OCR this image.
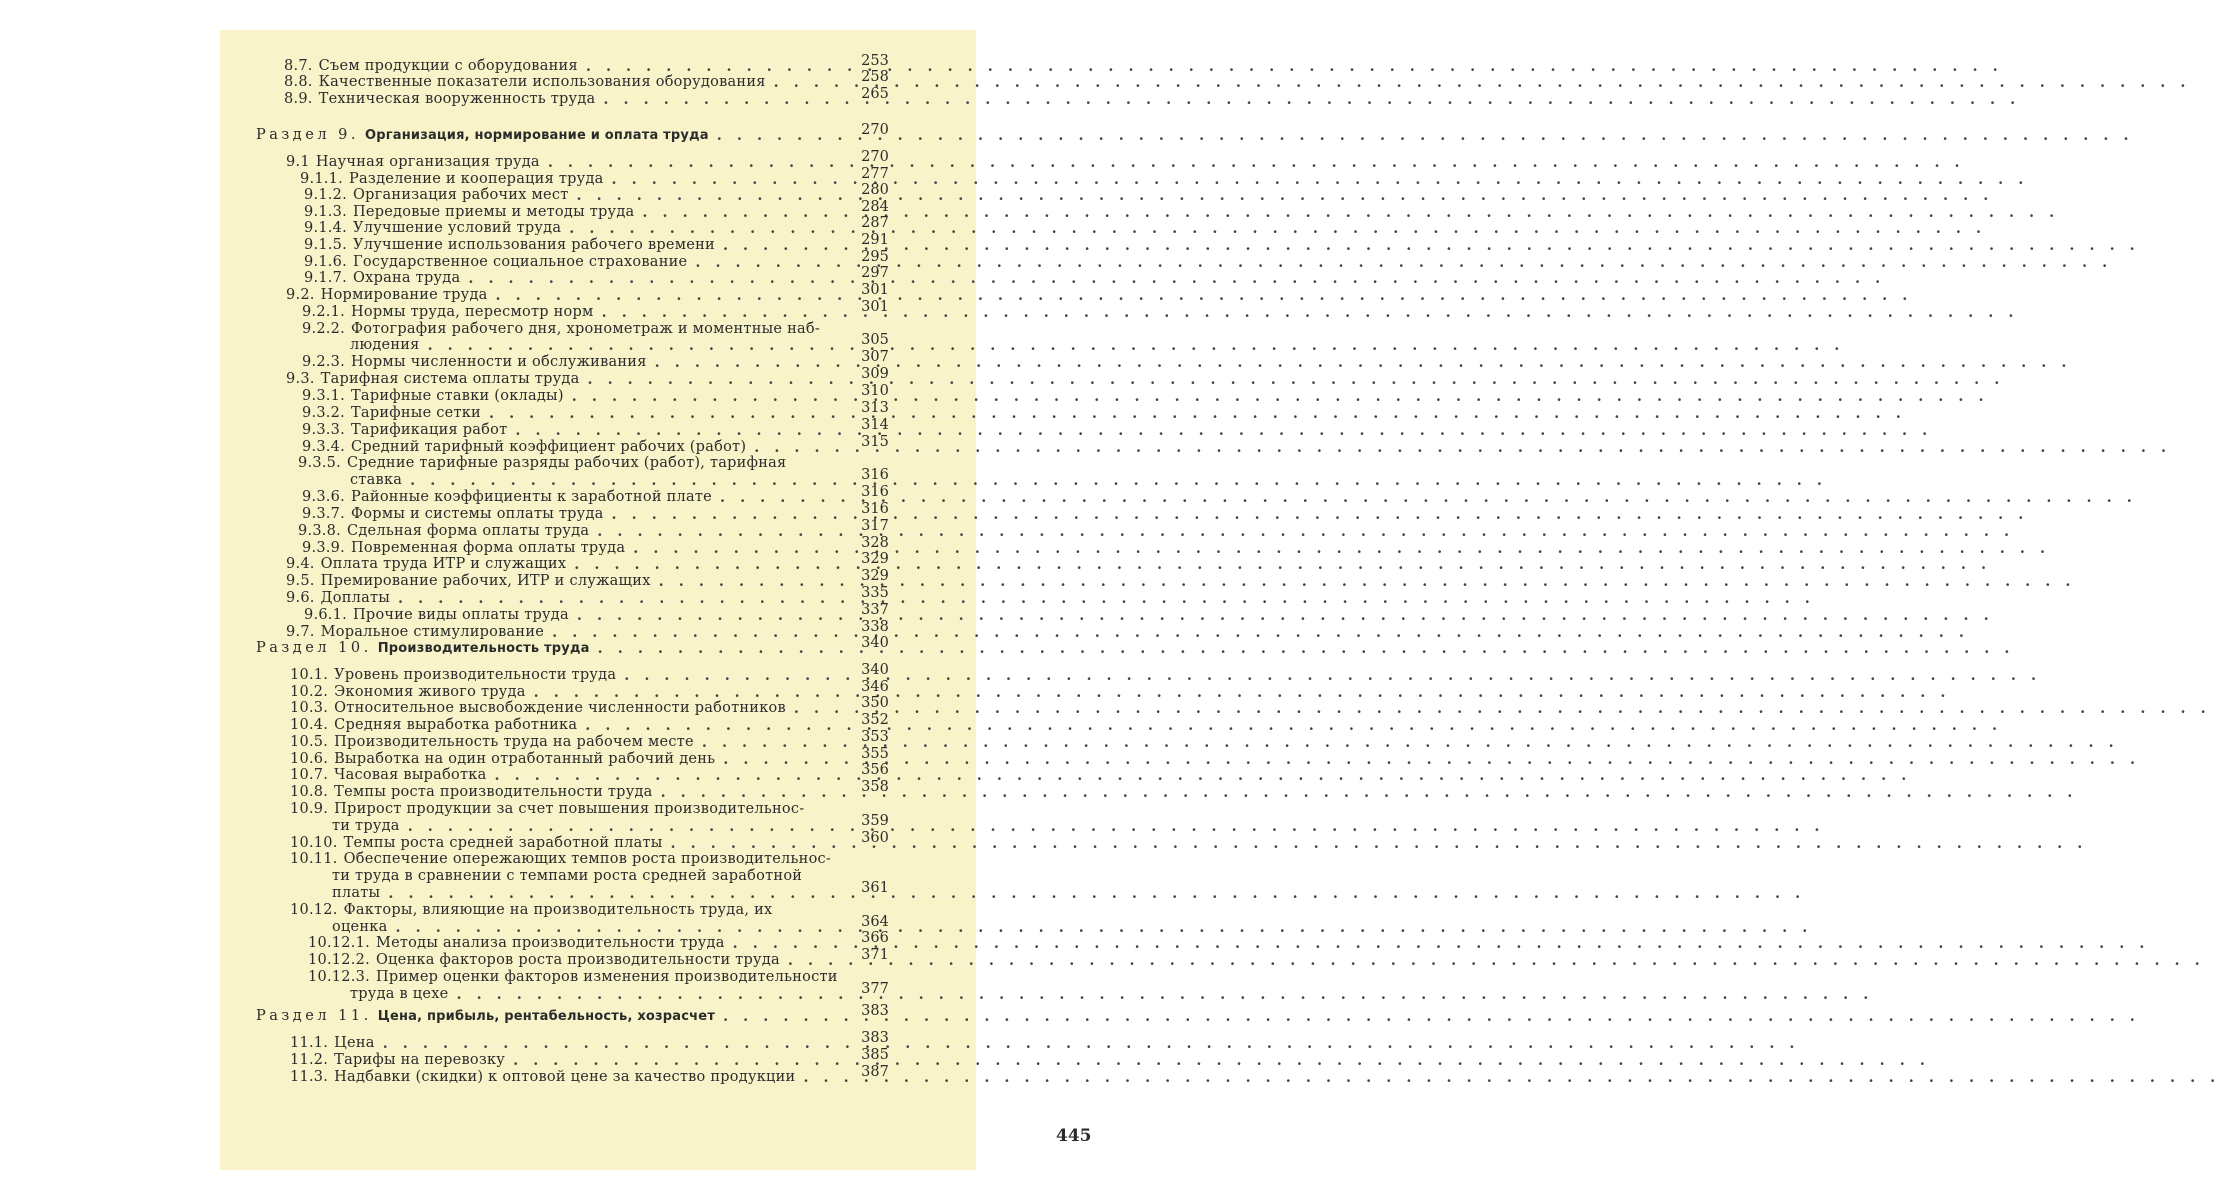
8.7. Съем продукции с оборудования . . .	253
8.8. Качественные показатели использования оборудования . . .	258
8.9. Техническая вооруженность труда . . .	265
Раздел 9. Организация, нормирование и оплата труда . . .	270
9.1 Научная организация труда . . .	270
9.1.1. Разделение и кооперация труда . . .	277
9.1.2. Организация рабочих мест . . .	280
9.1.3. Передовые приемы и методы труда . . .	284
9.1.4. Улучшение условий труда . . .	287
9.1.5. Улучшение использования рабочего времени . . .	291
9.1.6. Государственное социальное страхование . . .	295
9.1.7. Охрана труда . . .	297
9.2. Нормирование труда . . .	301
9.2.1. Нормы труда, пересмотр норм . . .	301
9.2.2. Фотография рабочего дня, хронометраж и моментные наб-
людения . . .	305
9.2.3. Нормы численности и обслуживания . . .	307
9.3. Тарифная система оплаты труда . . .	309
9.3.1. Тарифные ставки (оклады) . . .	310
9.3.2. Тарифные сетки . . .	313
9.3.3. Тарификация работ . . .	314
9.3.4. Средний тарифный коэффициент рабочих (работ) . . .	315
9.3.5. Средние тарифные разряды рабочих (работ), тарифная
ставка . . .	316
9.3.6. Районные коэффициенты к заработной плате . . .	316
9.3.7. Формы и системы оплаты труда . . .	316
9.3.8. Сдельная форма оплаты труда . . .	317
9.3.9. Повременная форма оплаты труда . . .	328
9.4. Оплата труда ИТР и служащих . . .	329
9.5. Премирование рабочих, ИТР и служащих . . .	329
9.6. Доплаты . . .	335
9.6.1. Прочие виды оплаты труда . . .	337
9.7. Моральное стимулирование . . .	338
Раздел 10. Производительность труда . . .	340
10.1. Уровень производительности труда . . .	340
10.2. Экономия живого труда . . .	346
10.3. Относительное высвобождение численности работников . . .	350
10.4. Средняя выработка работника . . .	352
10.5. Производительность труда на рабочем месте . . .	353
10.6. Выработка на один отработанный рабочий день . . .	355
10.7. Часовая выработка . . .	356
10.8. Темпы роста производительности труда . . .	358
10.9. Прирост продукции за счет повышения производительнос-
ти труда . . .	359
10.10. Темпы роста средней заработной платы . . .	360
10.11. Обеспечение опережающих темпов роста производительнос-
ти труда в сравнении с темпами роста средней заработной
платы . . .	361
10.12. Факторы, влияющие на производительность труда, их
оценка . . .	364
10.12.1. Методы анализа производительности труда . . .	366
10.12.2. Оценка факторов роста производительности труда . . .	371
10.12.3. Пример оценки факторов изменения производительности
труда в цехе . . .	377
Раздел 11. Цена, прибыль, рентабельность, хозрасчет . . .	383
11.1. Цена . . .	383
11.2. Тарифы на перевозку . . .	385
11.3. Надбавки (скидки) к оптовой цене за качество продукции . . .	387
445
